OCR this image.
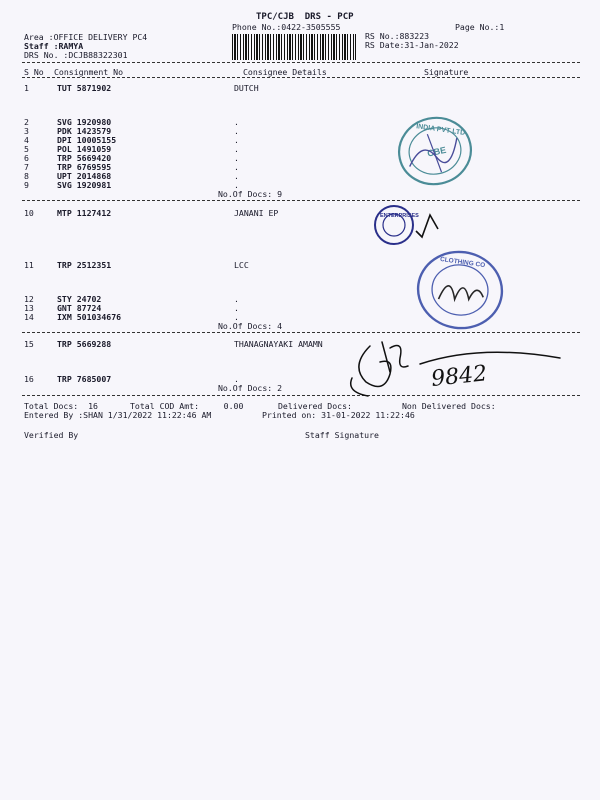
TPC/CJB  DRS - PCP
Phone No.:0422-3505555	Page No.:1
Area :OFFICE DELIVERY PC4
Staff :RAMYA
DRS No. :DCJB88322301
RS No.:883223
RS Date:31-Jan-2022
S No Consignment No	Consignee Details	Signature
1	TUT 5871902	DUTCH
2	SVG 1920980	.
3	PDK 1423579	.
4	DPI 10005155	.
5	POL 1491059	.
6	TRP 5669420	.
7	TRP 6769595	.
8	UPT 2014868	.
9	SVG 1920981	.
No.Of Docs: 9
10	MTP 1127412	JANANI EP
11	TRP 2512351	LCC
12	STY 24702	.
13	GNT 87724	.
14	IXM 501034676	.
No.Of Docs: 4
15	TRP 5669288	THANAGNAYAKI AMAMN
16	TRP 7685007	.
No.Of Docs: 2
Total Docs:  16	Total COD Amt:     0.00	Delivered Docs:	Non Delivered Docs:
Entered By :SHAN 1/31/2022 11:22:46 AM	Printed on: 31-01-2022 11:22:46
Verified By	Staff Signature
INDIA PVT LTD
CBE
ENTERPRISES
CLOTHING CO
9842
